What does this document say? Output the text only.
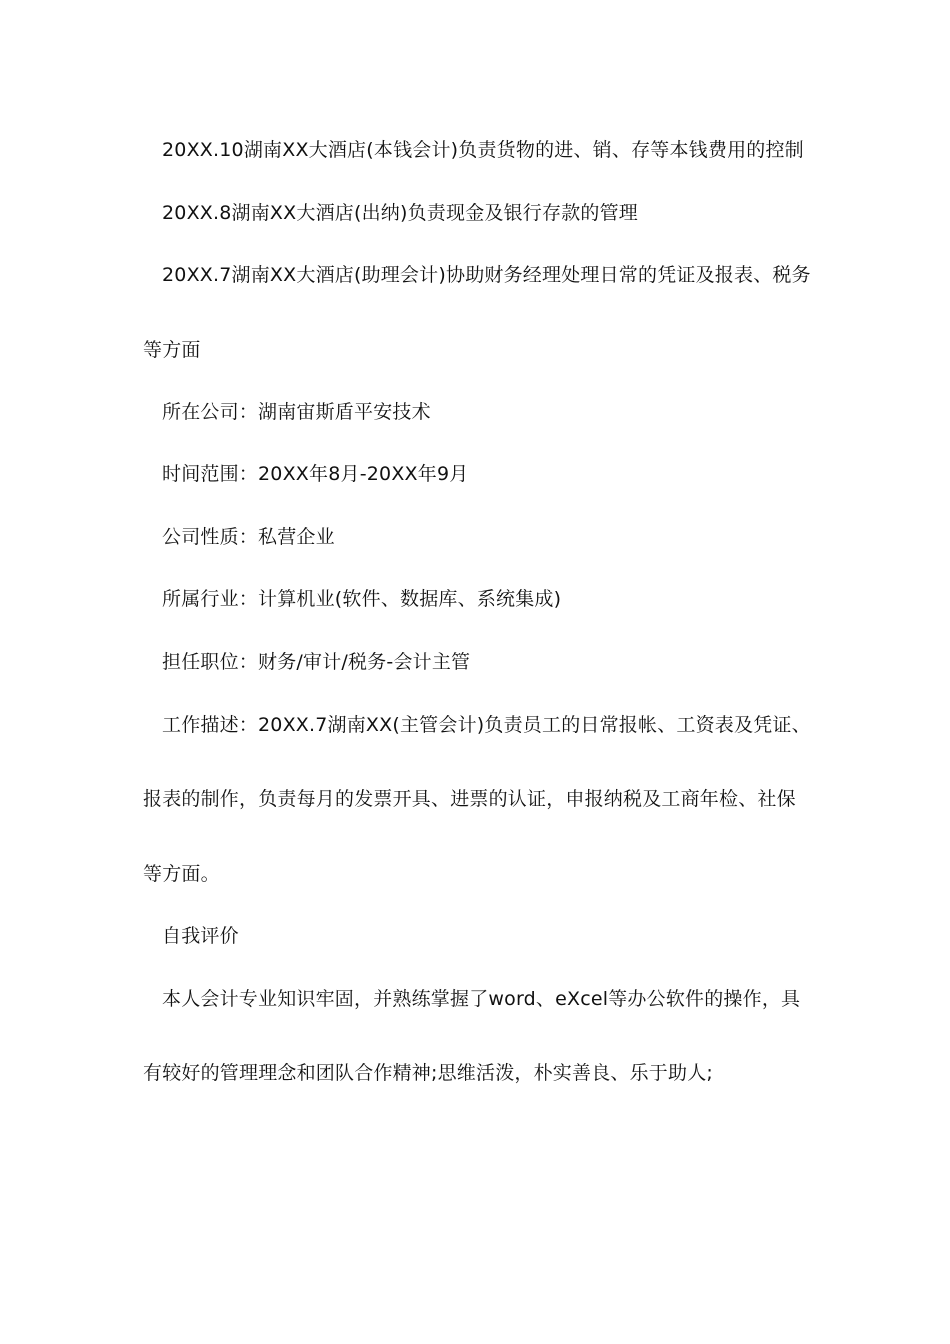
20XX.10湖南XX大酒店(本钱会计)负责货物的进、销、存等本钱费用的控制
20XX.8湖南XX大酒店(出纳)负责现金及银行存款的管理
20XX.7湖南XX大酒店(助理会计)协助财务经理处理日常的凭证及报表、税务
等方面
所在公司：湖南宙斯盾平安技术
时间范围：20XX年8月-20XX年9月
公司性质：私营企业
所属行业：计算机业(软件、数据库、系统集成)
担任职位：财务/审计/税务-会计主管
工作描述：20XX.7湖南XX(主管会计)负责员工的日常报帐、工资表及凭证、
报表的制作，负责每月的发票开具、进票的认证，申报纳税及工商年检、社保
等方面。
自我评价
本人会计专业知识牢固，并熟练掌握了word、eXcel等办公软件的操作，具
有较好的管理理念和团队合作精神;思维活泼，朴实善良、乐于助人;
